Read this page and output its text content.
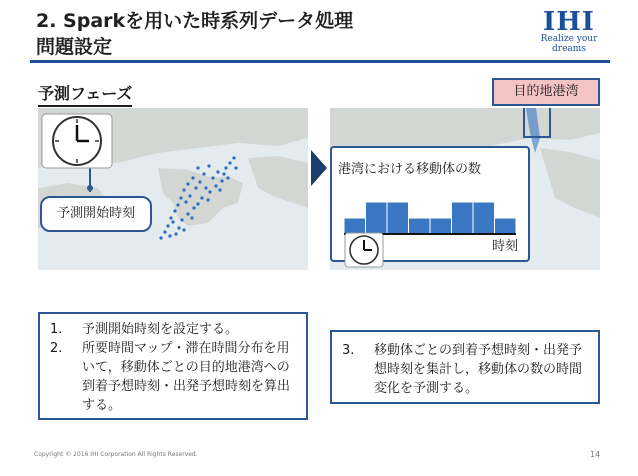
2. Sparkを用いた時系列データ処理
問題設定
IHI
Realize your dreams
予測フェーズ
予測開始時刻
目的地港湾
港湾における移動体の数
時刻
1. 予測開始時刻を設定する。
2. 所要時間マップ・滞在時間分布を用いて，移動体ごとの目的地港湾への到着予想時刻・出発予想時刻を算出する。
3. 移動体ごとの到着予想時刻・出発予想時刻を集計し，移動体の数の時間変化を予測する。
Copyright © 2016 IHI Corporation All Rights Reserved.	14
